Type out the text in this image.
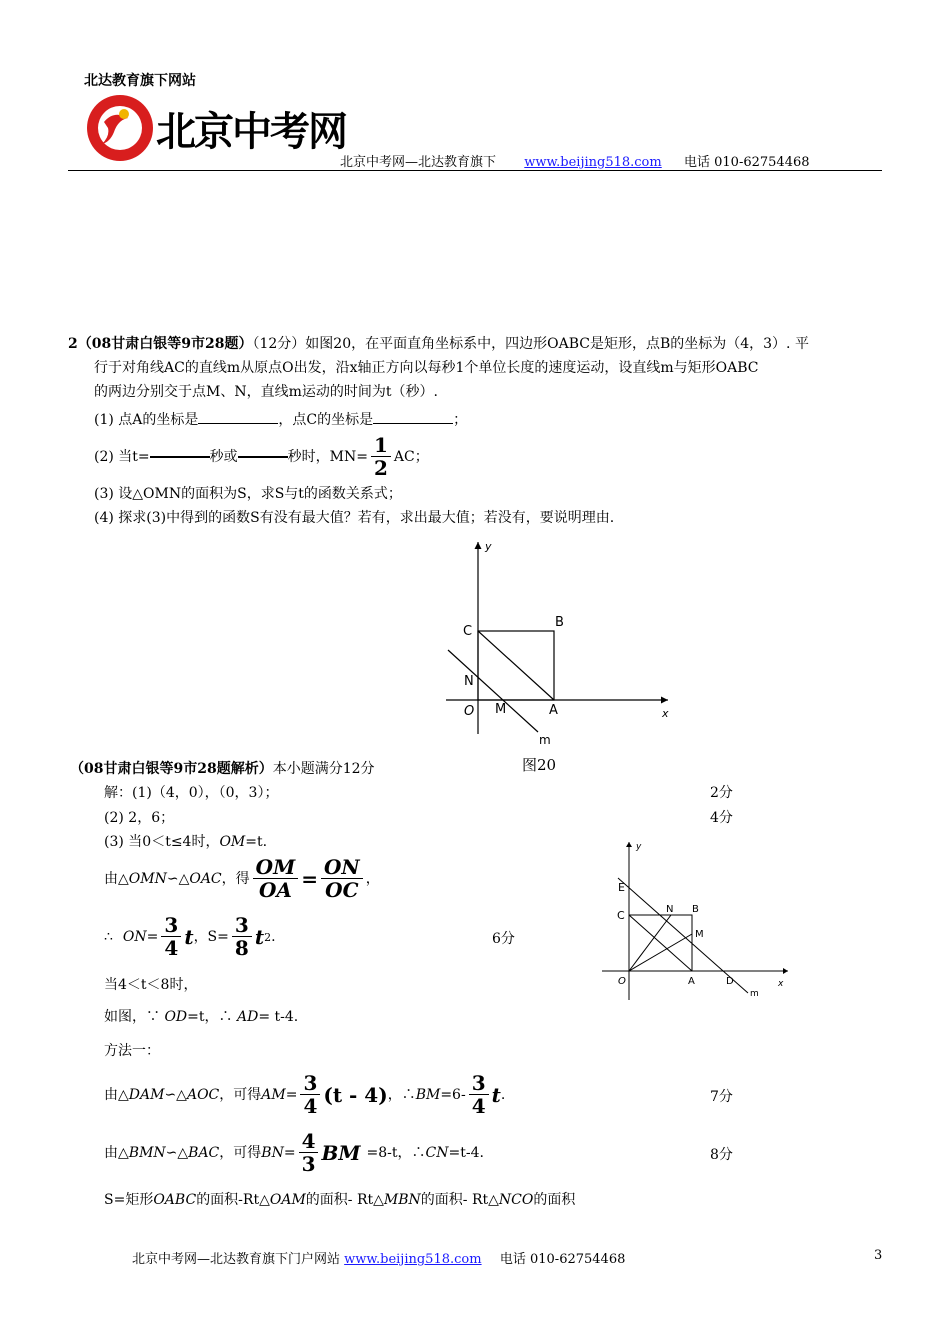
北达教育旗下网站
北京中考网
北京中考网—北达教育旗下 www.beijing518.com 电话 010-62754468
2（08甘肃白银等9市28题）（12分）如图20，在平面直角坐标系中，四边形OABC是矩形，点B的坐标为（4，3）. 平
行于对角线AC的直线m从原点O出发，沿x轴正方向以每秒1个单位长度的速度运动，设直线m与矩形OABC
的两边分别交于点M、N，直线m运动的时间为t（秒）.
(1) 点A的坐标是	，点C的坐标是	；
(2) 当t=	秒或	秒时，$MN= \frac{1}{2}$ AC；
(3) 设△OMN的面积为S，求S与t的函数关系式；
(4) 探求(3)中得到的函数S有没有最大值？若有，求出最大值；若没有，要说明理由.
y
x
C
B
N
O M	A
m
图20
（08甘肃白银等9市28题解析）本小题满分12分
解：(1)（4，0），（0，3）；	2分
(2) 2，6；	4分
(3) 当0＜t≤4时，OM=t.
由△ OMN ∽△ OAC ，得 $\frac{OM}{OA} = \frac{ON}{OC}$ ，
∴ ON = $\frac{3}{4}$ t ，$S= \frac{3}{8}$ t 2 .	6分
当4＜t＜8时，
如图，∵ OD=t，∴ AD= t-4.
方法一：
由△ DAM ∽△ AOC ，可得 AM = $\frac{3}{4} (t - 4)$ ，∴ BM $=6- \frac{3}{4}$ t .	7分
由△ BMN ∽△ BAC ，可得 BN = $\frac{4}{3}$ BM =8-t，∴ CN =t-4.	8分
S=矩形OABC的面积-Rt△OAM的面积- Rt△MBN的面积- Rt△NCO的面积
y
E
N B
C
M
O	A	D	x
m
北京中考网—北达教育旗下门户网站 www.beijing518.com 电话 010-62754468	3
